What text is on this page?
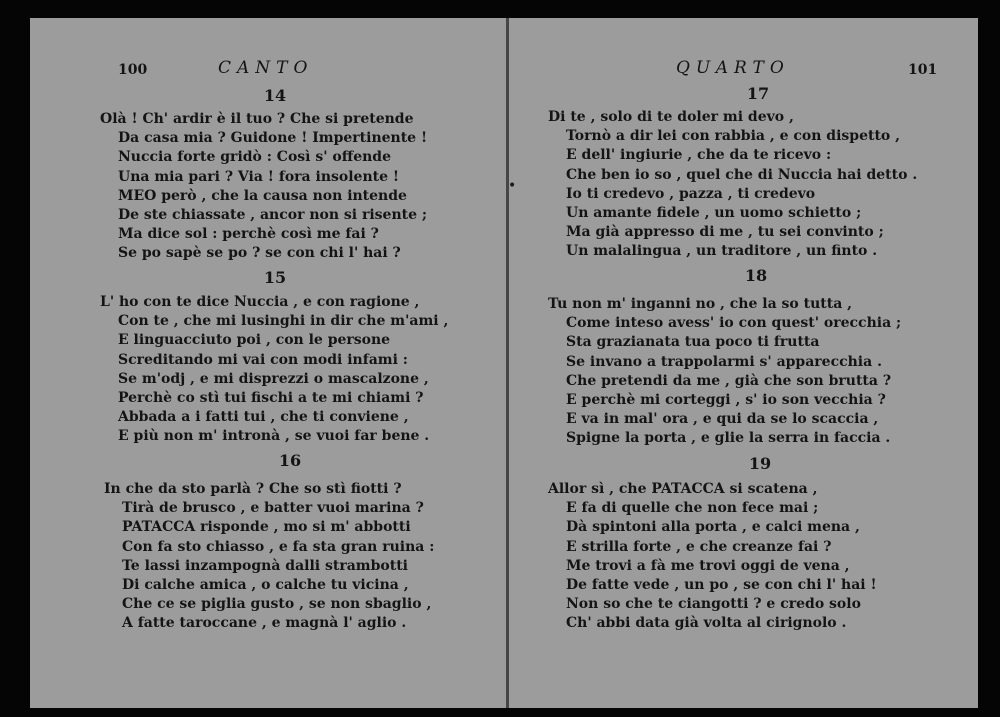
100	CANTO
14
Olà ! Ch' ardir è il tuo ? Che si pretende
Da casa mia ? Guidone ! Impertinente !
Nuccia forte gridò : Così s' offende
Una mia pari ? Via ! fora insolente !
MEO però , che la causa non intende
De ste chiassate , ancor non si risente ;
Ma dice sol : perchè così me fai ?
Se po sapè se po ? se con chi l' hai ?
15
L' ho con te dice Nuccia , e con ragione ,
Con te , che mi lusinghi in dir che m'ami ,
E linguacciuto poi , con le persone
Screditando mi vai con modi infami :
Se m'odj , e mi disprezzi o mascalzone ,
Perchè co stì tui fischi a te mi chiami ?
Abbada a i fatti tui , che ti conviene ,
E più non m' intronà , se vuoi far bene .
16
In che da sto parlà ? Che so stì fiotti ?
Tirà de brusco , e batter vuoi marina ?
PATACCA risponde , mo si m' abbotti
Con fa sto chiasso , e fa sta gran ruina :
Te lassi inzampognà dalli strambotti
Di calche amica , o calche tu vicina ,
Che ce se piglia gusto , se non sbaglio ,
A fatte taroccane , e magnà l' aglio .
QUARTO	101
17
Di te , solo di te doler mi devo ,
Tornò a dir lei con rabbia , e con dispetto ,
E dell' ingiurie , che da te ricevo :
Che ben io so , quel che di Nuccia hai detto .
Io ti credevo , pazza , ti credevo
Un amante fidele , un uomo schietto ;
Ma già appresso di me , tu sei convinto ;
Un malalingua , un traditore , un finto .
18
Tu non m' inganni no , che la so tutta ,
Come inteso avess' io con quest' orecchia ;
Sta grazianata tua poco ti frutta
Se invano a trappolarmi s' apparecchia .
Che pretendi da me , già che son brutta ?
E perchè mi corteggi , s' io son vecchia ?
E va in mal' ora , e qui da se lo scaccia ,
Spigne la porta , e glie la serra in faccia .
19
Allor sì , che PATACCA si scatena ,
E fa di quelle che non fece mai ;
Dà spintoni alla porta , e calci mena ,
E strilla forte , e che creanze fai ?
Me trovi a fà me trovi oggi de vena ,
De fatte vede , un po , se con chi l' hai !
Non so che te ciangotti ? e credo solo
Ch' abbi data già volta al cirignolo .
•
